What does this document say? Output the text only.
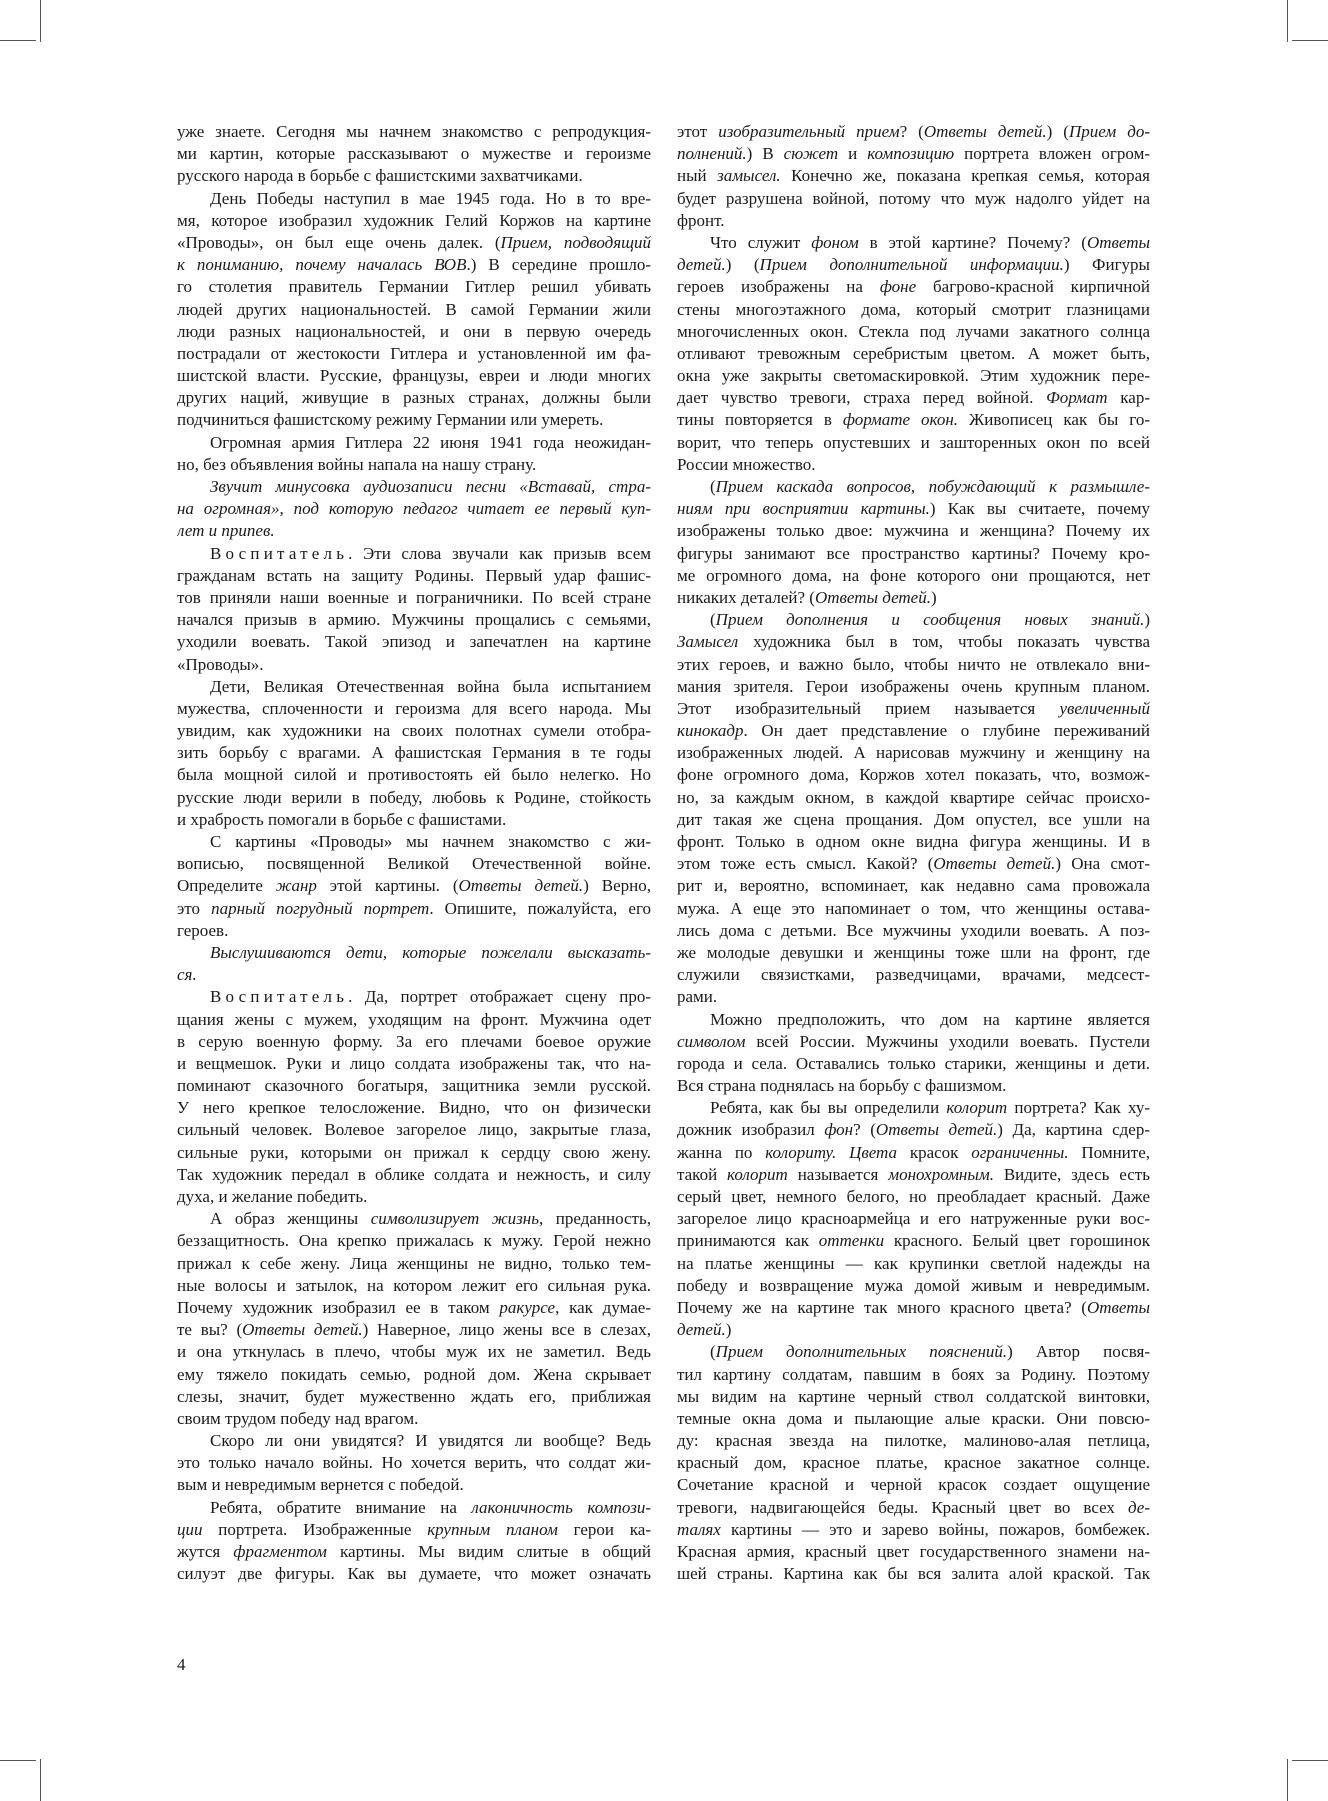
уже знаете. Сегодня мы начнем знакомство с репродукция-
ми картин, которые рассказывают о мужестве и героизме
русского народа в борьбе с фашистскими захватчиками.
День Победы наступил в мае 1945 года. Но в то вре-
мя, которое изобразил художник Гелий Коржов на картине
«Проводы», он был еще очень далек. (Прием, подводящий
к пониманию, почему началась ВОВ.) В середине прошло-
го столетия правитель Германии Гитлер решил убивать
людей других национальностей. В самой Германии жили
люди разных национальностей, и они в первую очередь
пострадали от жестокости Гитлера и установленной им фа-
шистской власти. Русские, французы, евреи и люди многих
других наций, живущие в разных странах, должны были
подчиниться фашистскому режиму Германии или умереть.
Огромная армия Гитлера 22 июня 1941 года неожидан-
но, без объявления войны напала на нашу страну.
Звучит минусовка аудиозаписи песни «Вставай, стра-
на огромная», под которую педагог читает ее первый куп-
лет и припев.
Воспитатель. Эти слова звучали как призыв всем
гражданам встать на защиту Родины. Первый удар фашис-
тов приняли наши военные и пограничники. По всей стране
начался призыв в армию. Мужчины прощались с семьями,
уходили воевать. Такой эпизод и запечатлен на картине
«Проводы».
Дети, Великая Отечественная война была испытанием
мужества, сплоченности и героизма для всего народа. Мы
увидим, как художники на своих полотнах сумели отобра-
зить борьбу с врагами. А фашистская Германия в те годы
была мощной силой и противостоять ей было нелегко. Но
русские люди верили в победу, любовь к Родине, стойкость
и храбрость помогали в борьбе с фашистами.
С картины «Проводы» мы начнем знакомство с жи-
вописью, посвященной Великой Отечественной войне.
Определите жанр этой картины. (Ответы детей.) Верно,
это парный погрудный портрет. Опишите, пожалуйста, его
героев.
Выслушиваются дети, которые пожелали высказать-
ся.
Воспитатель. Да, портрет отображает сцену про-
щания жены с мужем, уходящим на фронт. Мужчина одет
в серую военную форму. За его плечами боевое оружие
и вещмешок. Руки и лицо солдата изображены так, что на-
поминают сказочного богатыря, защитника земли русской.
У него крепкое телосложение. Видно, что он физически
сильный человек. Волевое загорелое лицо, закрытые глаза,
сильные руки, которыми он прижал к сердцу свою жену.
Так художник передал в облике солдата и нежность, и силу
духа, и желание победить.
А образ женщины символизирует жизнь, преданность,
беззащитность. Она крепко прижалась к мужу. Герой нежно
прижал к себе жену. Лица женщины не видно, только тем-
ные волосы и затылок, на котором лежит его сильная рука.
Почему художник изобразил ее в таком ракурсе, как думае-
те вы? (Ответы детей.) Наверное, лицо жены все в слезах,
и она уткнулась в плечо, чтобы муж их не заметил. Ведь
ему тяжело покидать семью, родной дом. Жена скрывает
слезы, значит, будет мужественно ждать его, приближая
своим трудом победу над врагом.
Скоро ли они увидятся? И увидятся ли вообще? Ведь
это только начало войны. Но хочется верить, что солдат жи-
вым и невредимым вернется с победой.
Ребята, обратите внимание на лаконичность компози-
ции портрета. Изображенные крупным планом герои ка-
жутся фрагментом картины. Мы видим слитые в общий
силуэт две фигуры. Как вы думаете, что может означать
этот изобразительный прием? (Ответы детей.) (Прием до-
полнений.) В сюжет и композицию портрета вложен огром-
ный замысел. Конечно же, показана крепкая семья, которая
будет разрушена войной, потому что муж надолго уйдет на
фронт.
Что служит фоном в этой картине? Почему? (Ответы
детей.) (Прием дополнительной информации.) Фигуры
героев изображены на фоне багрово-красной кирпичной
стены многоэтажного дома, который смотрит глазницами
многочисленных окон. Стекла под лучами закатного солнца
отливают тревожным серебристым цветом. А может быть,
окна уже закрыты светомаскировкой. Этим художник пере-
дает чувство тревоги, страха перед войной. Формат кар-
тины повторяется в формате окон. Живописец как бы го-
ворит, что теперь опустевших и зашторенных окон по всей
России множество.
(Прием каскада вопросов, побуждающий к размышле-
ниям при восприятии картины.) Как вы считаете, почему
изображены только двое: мужчина и женщина? Почему их
фигуры занимают все пространство картины? Почему кро-
ме огромного дома, на фоне которого они прощаются, нет
никаких деталей? (Ответы детей.)
(Прием дополнения и сообщения новых знаний.)
Замысел художника был в том, чтобы показать чувства
этих героев, и важно было, чтобы ничто не отвлекало вни-
мания зрителя. Герои изображены очень крупным планом.
Этот изобразительный прием называется увеличенный
кинокадр. Он дает представление о глубине переживаний
изображенных людей. А нарисовав мужчину и женщину на
фоне огромного дома, Коржов хотел показать, что, возмож-
но, за каждым окном, в каждой квартире сейчас происхо-
дит такая же сцена прощания. Дом опустел, все ушли на
фронт. Только в одном окне видна фигура женщины. И в
этом тоже есть смысл. Какой? (Ответы детей.) Она смот-
рит и, вероятно, вспоминает, как недавно сама провожала
мужа. А еще это напоминает о том, что женщины остава-
лись дома с детьми. Все мужчины уходили воевать. А поз-
же молодые девушки и женщины тоже шли на фронт, где
служили связистками, разведчицами, врачами, медсест-
рами.
Можно предположить, что дом на картине является
символом всей России. Мужчины уходили воевать. Пустели
города и села. Оставались только старики, женщины и дети.
Вся страна поднялась на борьбу с фашизмом.
Ребята, как бы вы определили колорит портрета? Как ху-
дожник изобразил фон? (Ответы детей.) Да, картина сдер-
жанна по колориту. Цвета красок ограниченны. Помните,
такой колорит называется монохромным. Видите, здесь есть
серый цвет, немного белого, но преобладает красный. Даже
загорелое лицо красноармейца и его натруженные руки вос-
принимаются как оттенки красного. Белый цвет горошинок
на платье женщины — как крупинки светлой надежды на
победу и возвращение мужа домой живым и невредимым.
Почему же на картине так много красного цвета? (Ответы
детей.)
(Прием дополнительных пояснений.) Автор посвя-
тил картину солдатам, павшим в боях за Родину. Поэтому
мы видим на картине черный ствол солдатской винтовки,
темные окна дома и пылающие алые краски. Они повсю-
ду: красная звезда на пилотке, малиново-алая петлица,
красный дом, красное платье, красное закатное солнце.
Сочетание красной и черной красок создает ощущение
тревоги, надвигающейся беды. Красный цвет во всех де-
талях картины — это и зарево войны, пожаров, бомбежек.
Красная армия, красный цвет государственного знамени на-
шей страны. Картина как бы вся залита алой краской. Так
4
